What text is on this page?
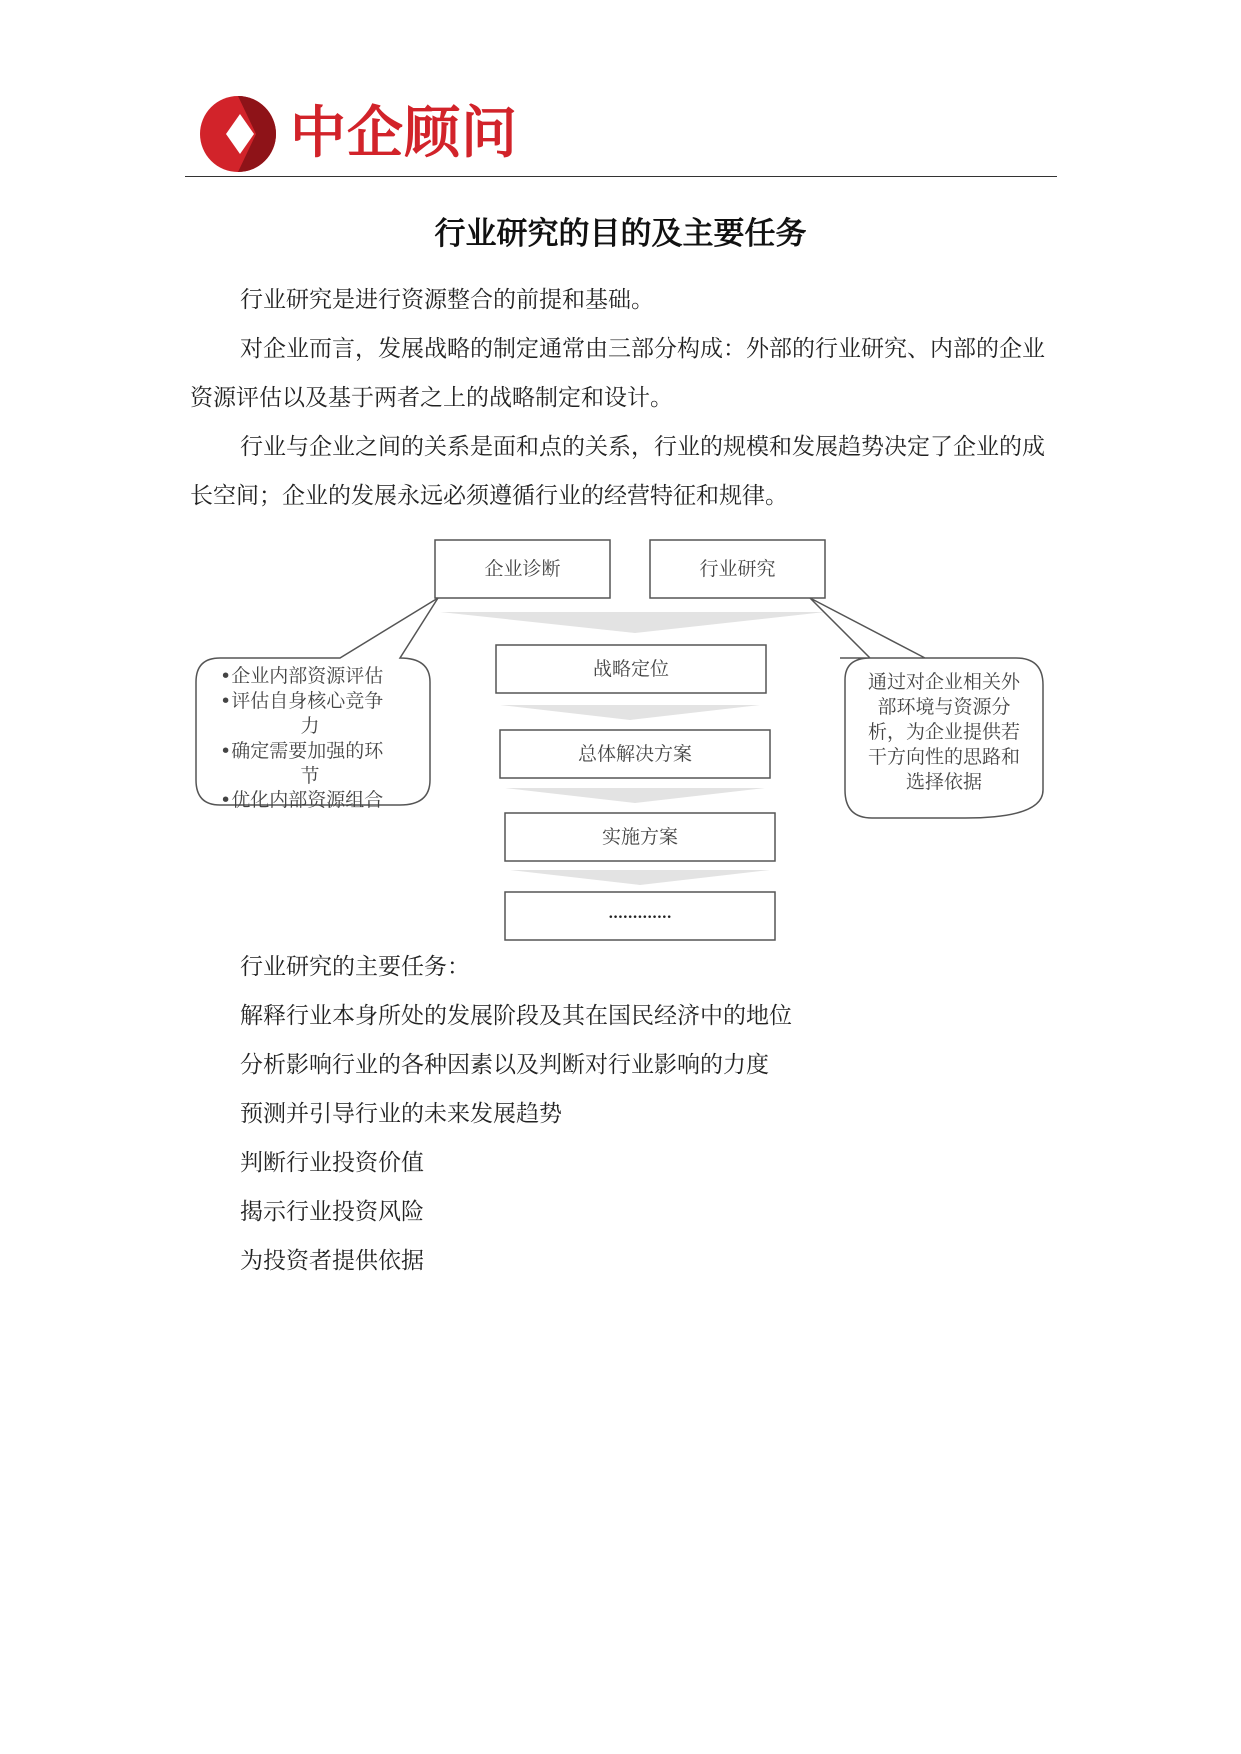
中企顾问
行业研究的目的及主要任务

行业研究是进行资源整合的前提和基础。

对企业而言，发展战略的制定通常由三部分构成：外部的行业研究、内部的企业资源评估以及基于两者之上的战略制定和设计。

行业与企业之间的关系是面和点的关系，行业的规模和发展趋势决定了企业的成长空间；企业的发展永远必须遵循行业的经营特征和规律。

企业诊断	行业研究
战略定位
总体解决方案
实施方案
.............
•企业内部资源评估
•评估自身核心竞争
力
•确定需要加强的环
节
•优化内部资源组合
通过对企业相关外
部环境与资源分
析，为企业提供若
干方向性的思路和
选择依据
行业研究的主要任务：
解释行业本身所处的发展阶段及其在国民经济中的地位
分析影响行业的各种因素以及判断对行业影响的力度
预测并引导行业的未来发展趋势
判断行业投资价值
揭示行业投资风险
为投资者提供依据
